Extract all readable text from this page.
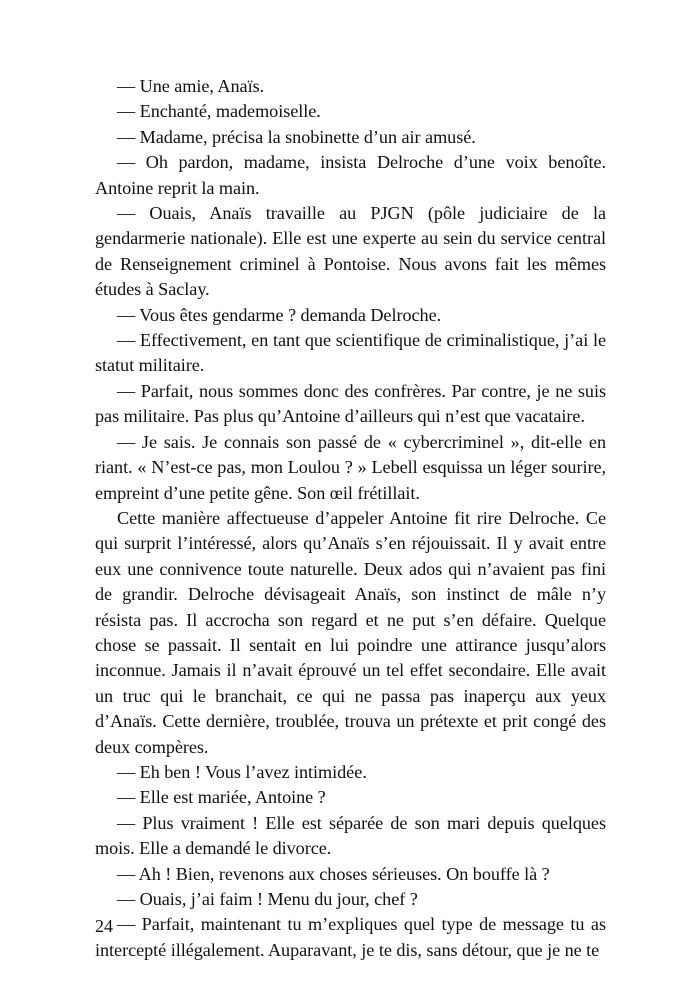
— Une amie, Anaïs.

— Enchanté, mademoiselle.

— Madame, précisa la snobinette d’un air amusé.

— Oh pardon, madame, insista Delroche d’une voix benoîte. Antoine reprit la main.

— Ouais, Anaïs travaille au PJGN (pôle judiciaire de la gendarmerie nationale). Elle est une experte au sein du service central de Renseignement criminel à Pontoise. Nous avons fait les mêmes études à Saclay.

— Vous êtes gendarme ? demanda Delroche.

— Effectivement, en tant que scientifique de criminalistique, j’ai le statut militaire.

— Parfait, nous sommes donc des confrères. Par contre, je ne suis pas militaire. Pas plus qu’Antoine d’ailleurs qui n’est que vacataire.

— Je sais. Je connais son passé de « cybercriminel », dit-elle en riant. « N’est-ce pas, mon Loulou ? » Lebell esquissa un léger sourire, empreint d’une petite gêne. Son œil frétillait.

Cette manière affectueuse d’appeler Antoine fit rire Delroche. Ce qui surprit l’intéressé, alors qu’Anaïs s’en réjouissait. Il y avait entre eux une connivence toute naturelle. Deux ados qui n’avaient pas fini de grandir. Delroche dévisageait Anaïs, son instinct de mâle n’y résista pas. Il accrocha son regard et ne put s’en défaire. Quelque chose se passait. Il sentait en lui poindre une attirance jusqu’alors inconnue. Jamais il n’avait éprouvé un tel effet secondaire. Elle avait un truc qui le branchait, ce qui ne passa pas inaperçu aux yeux d’Anaïs. Cette dernière, troublée, trouva un prétexte et prit congé des deux compères.

— Eh ben ! Vous l’avez intimidée.

— Elle est mariée, Antoine ?

— Plus vraiment ! Elle est séparée de son mari depuis quelques mois. Elle a demandé le divorce.

— Ah ! Bien, revenons aux choses sérieuses. On bouffe là ?

— Ouais, j’ai faim ! Menu du jour, chef ?

— Parfait, maintenant tu m’expliques quel type de message tu as intercepté illégalement. Auparavant, je te dis, sans détour, que je ne te

24
